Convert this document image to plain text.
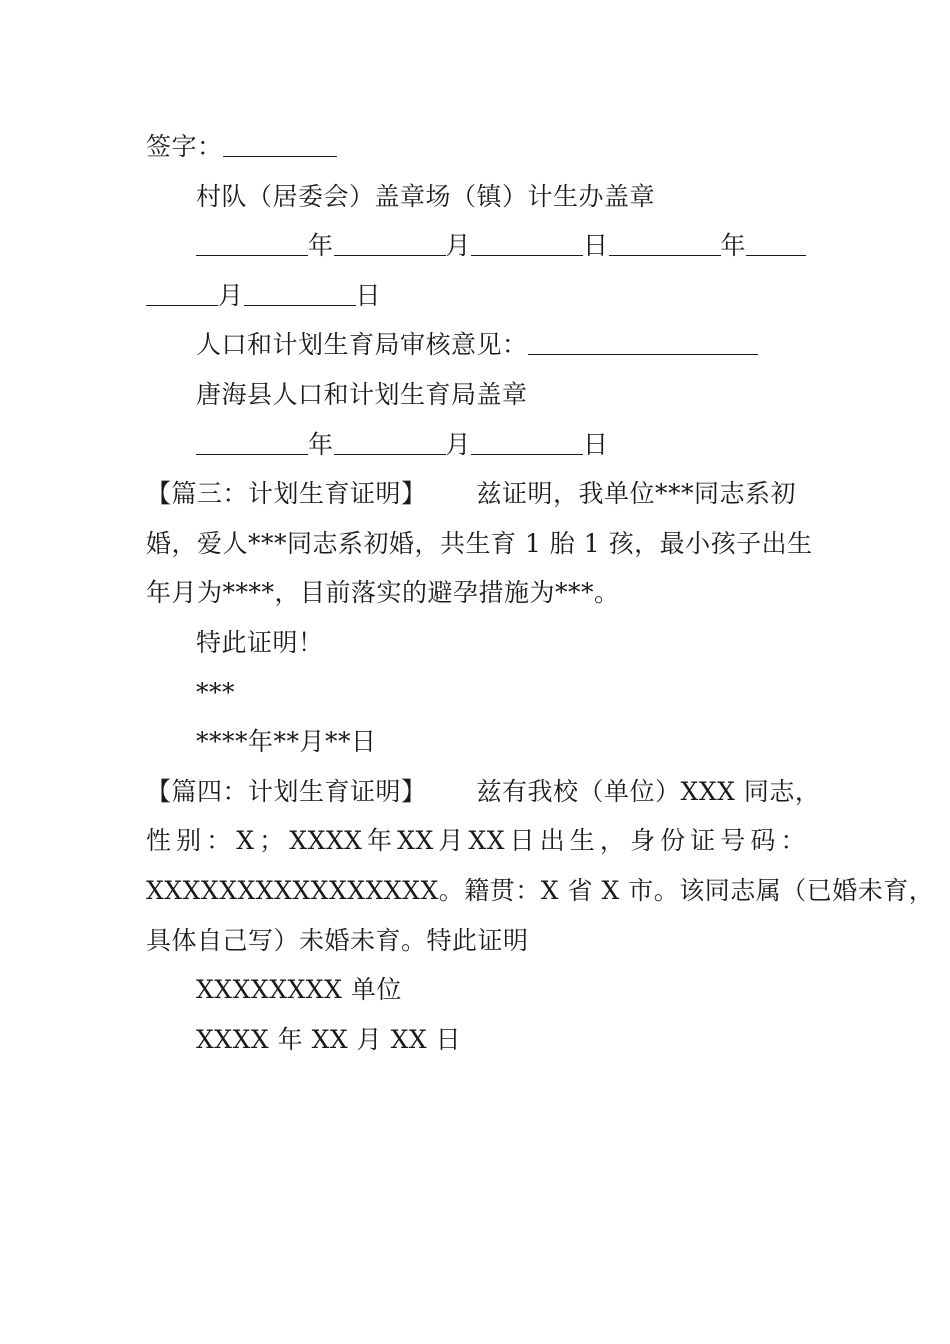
签字：
村队（居委会）盖章场（镇）计生办盖章
年	月	日	年
月	日
人口和计划生育局审核意见：
唐海县人口和计划生育局盖章
年	月	日
【篇三：计划生育证明】 兹证明，我单位***同志系初
婚，爱人***同志系初婚，共生育 1 胎 1 孩，最小孩子出生
年月为****，目前落实的避孕措施为***。
特此证明！
***
****年**月**日
【篇四：计划生育证明】 兹有我校（单位）XXX 同志，
性 别 ： X ； XXXX 年 XX 月 XX 日 出 生 ， 身 份 证 号 码 ：
XXXXXXXXXXXXXXXX。籍贯：X 省 X 市。该同志属（已婚未育，
具体自己写）未婚未育。特此证明
XXXXXXXX 单位
XXXX 年 XX 月 XX 日
